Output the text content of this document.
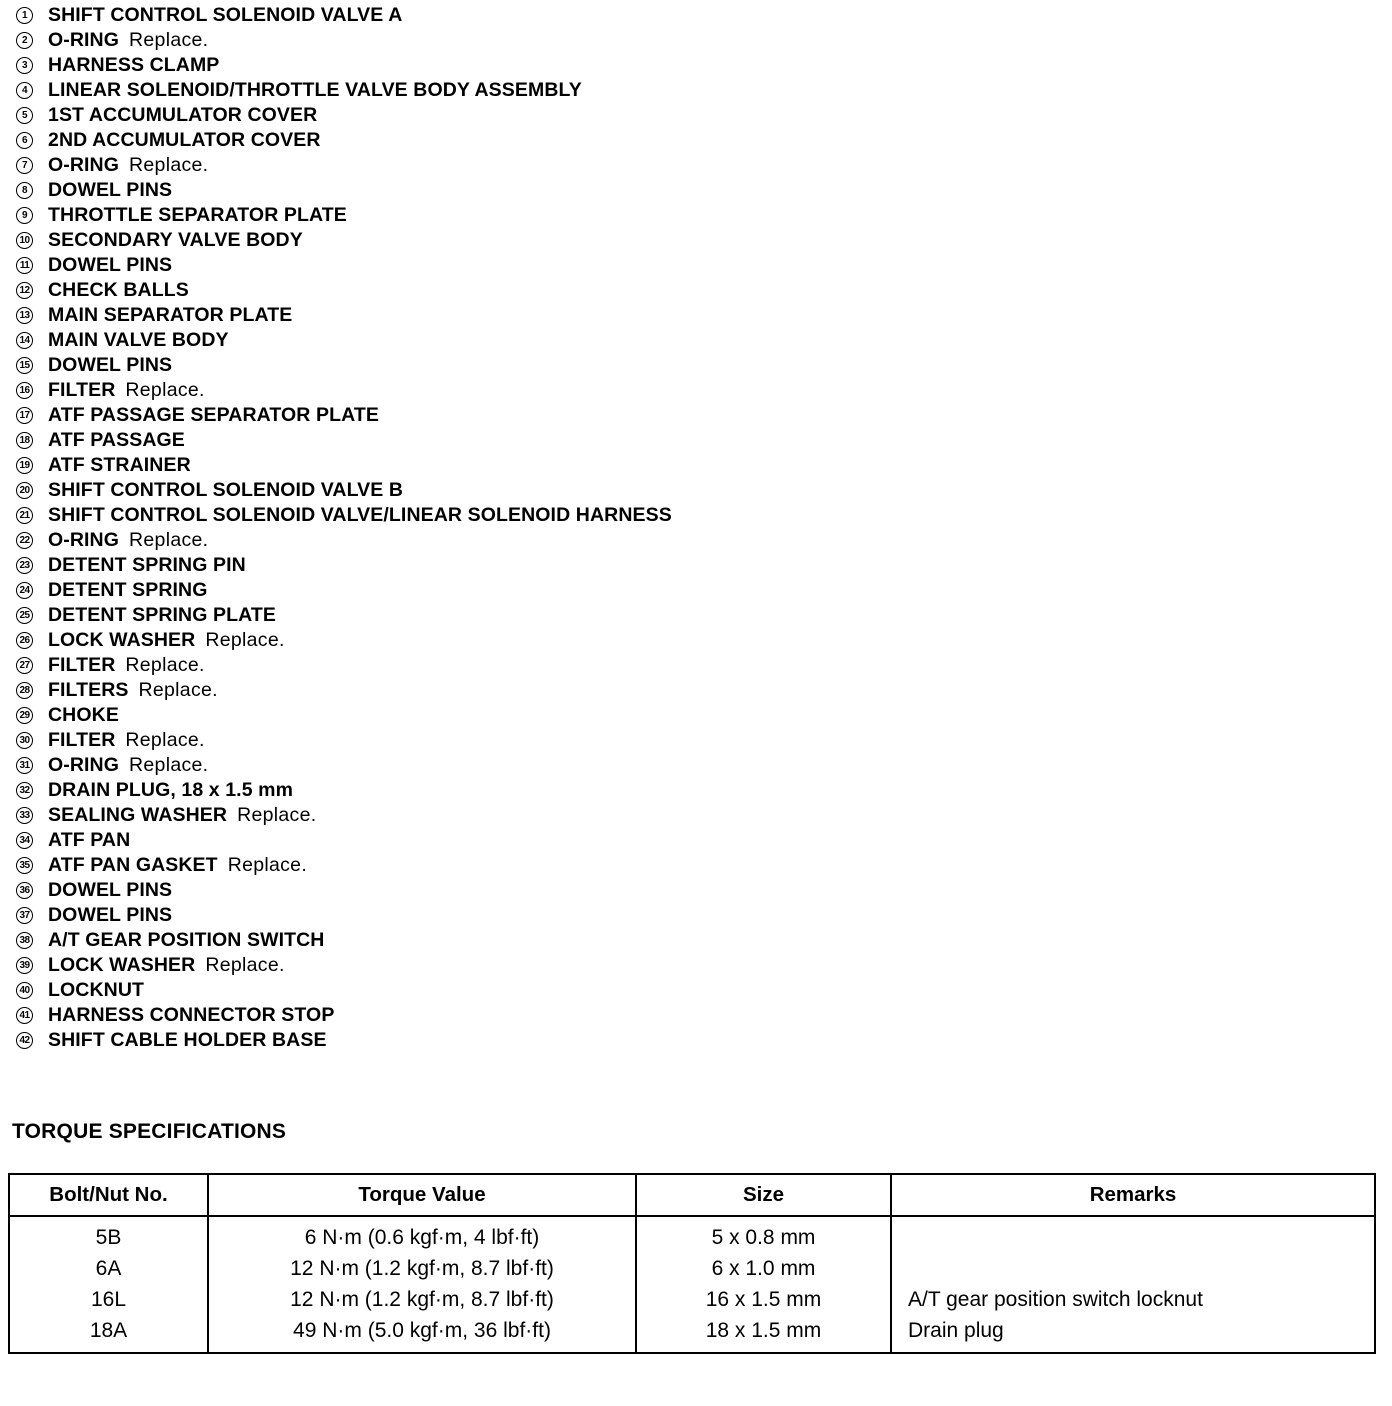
1	SHIFT CONTROL SOLENOID VALVE A
2	O-RING Replace.
3	HARNESS CLAMP
4	LINEAR SOLENOID/THROTTLE VALVE BODY ASSEMBLY
5	1ST ACCUMULATOR COVER
6	2ND ACCUMULATOR COVER
7	O-RING Replace.
8	DOWEL PINS
9	THROTTLE SEPARATOR PLATE
10 SECONDARY VALVE BODY
11 DOWEL PINS
12 CHECK BALLS
13 MAIN SEPARATOR PLATE
14 MAIN VALVE BODY
15 DOWEL PINS
16 FILTER Replace.
17 ATF PASSAGE SEPARATOR PLATE
18 ATF PASSAGE
19 ATF STRAINER
20 SHIFT CONTROL SOLENOID VALVE B
21 SHIFT CONTROL SOLENOID VALVE/LINEAR SOLENOID HARNESS
22 O-RING Replace.
23 DETENT SPRING PIN
24 DETENT SPRING
25 DETENT SPRING PLATE
26 LOCK WASHER Replace.
27 FILTER Replace.
28 FILTERS Replace.
29 CHOKE
30 FILTER Replace.
31 O-RING Replace.
32 DRAIN PLUG, 18 x 1.5 mm
33 SEALING WASHER Replace.
34 ATF PAN
35 ATF PAN GASKET Replace.
36 DOWEL PINS
37 DOWEL PINS
38 A/T GEAR POSITION SWITCH
39 LOCK WASHER Replace.
40 LOCKNUT
41 HARNESS CONNECTOR STOP
42 SHIFT CABLE HOLDER BASE
TORQUE SPECIFICATIONS
Bolt/Nut No.	Torque Value	Size	Remarks
5B	6 N·m (0.6 kgf·m, 4 lbf·ft)	5 x 0.8 mm	
6A	12 N·m (1.2 kgf·m, 8.7 lbf·ft)	6 x 1.0 mm	
16L	12 N·m (1.2 kgf·m, 8.7 lbf·ft)	16 x 1.5 mm	A/T gear position switch locknut
18A	49 N·m (5.0 kgf·m, 36 lbf·ft)	18 x 1.5 mm	Drain plug
